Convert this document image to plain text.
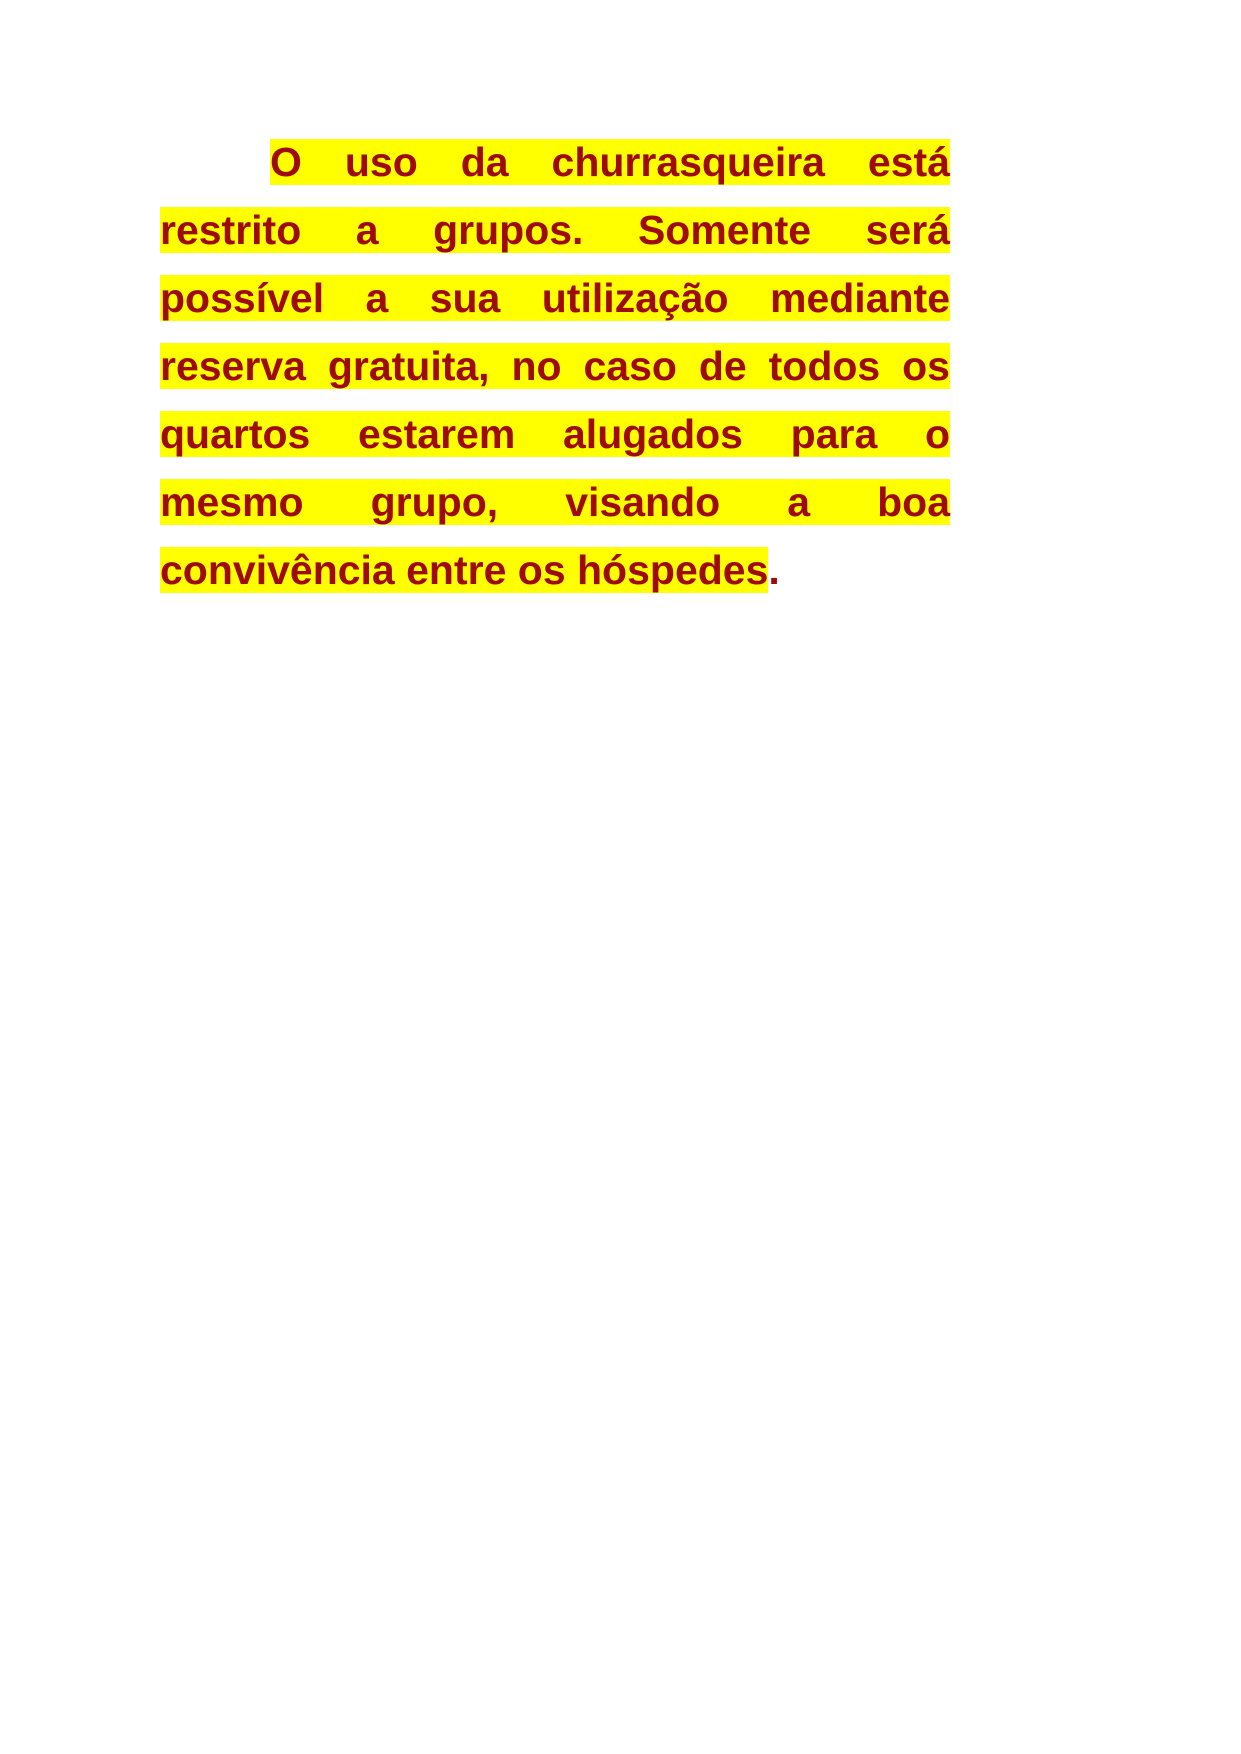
O uso da churrasqueira está restrito a grupos. Somente será possível a sua utilização mediante reserva gratuita, no caso de todos os quartos estarem alugados para o mesmo grupo, visando a boa convivência entre os hóspedes.
